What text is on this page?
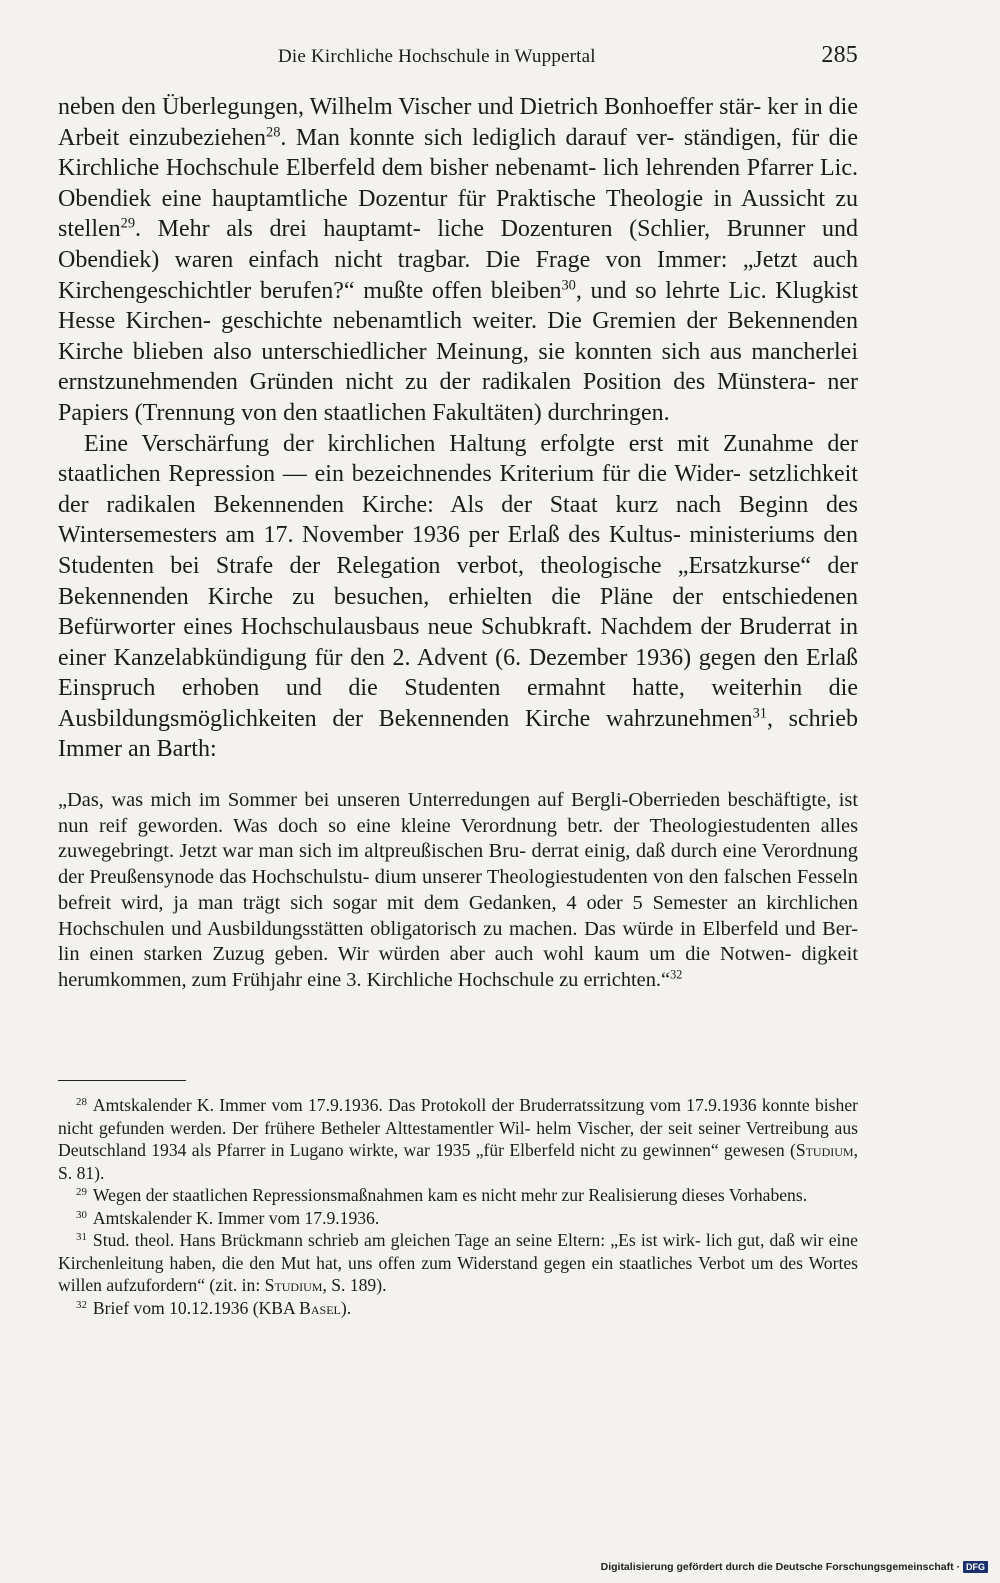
Die Kirchliche Hochschule in Wuppertal	285

neben den Überlegungen, Wilhelm Vischer und Dietrich Bonhoeffer stär- ker in die Arbeit einzubeziehen$^{28}$. Man konnte sich lediglich darauf ver- ständigen, für die Kirchliche Hochschule Elberfeld dem bisher nebenamt- lich lehrenden Pfarrer Lic. Obendiek eine hauptamtliche Dozentur für Praktische Theologie in Aussicht zu stellen$^{29}$. Mehr als drei hauptamt- liche Dozenturen (Schlier, Brunner und Obendiek) waren einfach nicht tragbar. Die Frage von Immer: „Jetzt auch Kirchengeschichtler berufen?“ mußte offen bleiben$^{30}$, und so lehrte Lic. Klugkist Hesse Kirchen- geschichte nebenamtlich weiter. Die Gremien der Bekennenden Kirche blieben also unterschiedlicher Meinung, sie konnten sich aus mancherlei ernstzunehmenden Gründen nicht zu der radikalen Position des Münstera- ner Papiers (Trennung von den staatlichen Fakultäten) durchringen.

Eine Verschärfung der kirchlichen Haltung erfolgte erst mit Zunahme der staatlichen Repression — ein bezeichnendes Kriterium für die Wider- setzlichkeit der radikalen Bekennenden Kirche: Als der Staat kurz nach Beginn des Wintersemesters am 17. November 1936 per Erlaß des Kultus- ministeriums den Studenten bei Strafe der Relegation verbot, theologische „Ersatzkurse“ der Bekennenden Kirche zu besuchen, erhielten die Pläne der entschiedenen Befürworter eines Hochschulausbaus neue Schubkraft. Nachdem der Bruderrat in einer Kanzelabkündigung für den 2. Advent (6. Dezember 1936) gegen den Erlaß Einspruch erhoben und die Studenten ermahnt hatte, weiterhin die Ausbildungsmöglichkeiten der Bekennenden Kirche wahrzunehmen$^{31}$, schrieb Immer an Barth:

„Das, was mich im Sommer bei unseren Unterredungen auf Bergli-Oberrieden beschäftigte, ist nun reif geworden. Was doch so eine kleine Verordnung betr. der Theologiestudenten alles zuwegebringt. Jetzt war man sich im altpreußischen Bru- derrat einig, daß durch eine Verordnung der Preußensynode das Hochschulstu- dium unserer Theologiestudenten von den falschen Fesseln befreit wird, ja man trägt sich sogar mit dem Gedanken, 4 oder 5 Semester an kirchlichen Hochschulen und Ausbildungsstätten obligatorisch zu machen. Das würde in Elberfeld und Ber- lin einen starken Zuzug geben. Wir würden aber auch wohl kaum um die Notwen- digkeit herumkommen, zum Frühjahr eine 3. Kirchliche Hochschule zu errichten.“$^{32}$

$^{28}$ Amtskalender K. Immer vom 17.9.1936. Das Protokoll der Bruderratssitzung vom 17.9.1936 konnte bisher nicht gefunden werden. Der frühere Betheler Alttestamentler Wil- helm Vischer, der seit seiner Vertreibung aus Deutschland 1934 als Pfarrer in Lugano wirkte, war 1935 „für Elberfeld nicht zu gewinnen“ gewesen (Studium, S. 81).

$^{29}$ Wegen der staatlichen Repressionsmaßnahmen kam es nicht mehr zur Realisierung dieses Vorhabens.

$^{30}$ Amtskalender K. Immer vom 17.9.1936.

$^{31}$ Stud. theol. Hans Brückmann schrieb am gleichen Tage an seine Eltern: „Es ist wirk- lich gut, daß wir eine Kirchenleitung haben, die den Mut hat, uns offen zum Widerstand gegen ein staatliches Verbot um des Wortes willen aufzufordern“ (zit. in: Studium, S. 189).

$^{32}$ Brief vom 10.12.1936 (KBA Basel).

Digitalisierung gefördert durch die Deutsche Forschungsgemeinschaft · DFG
